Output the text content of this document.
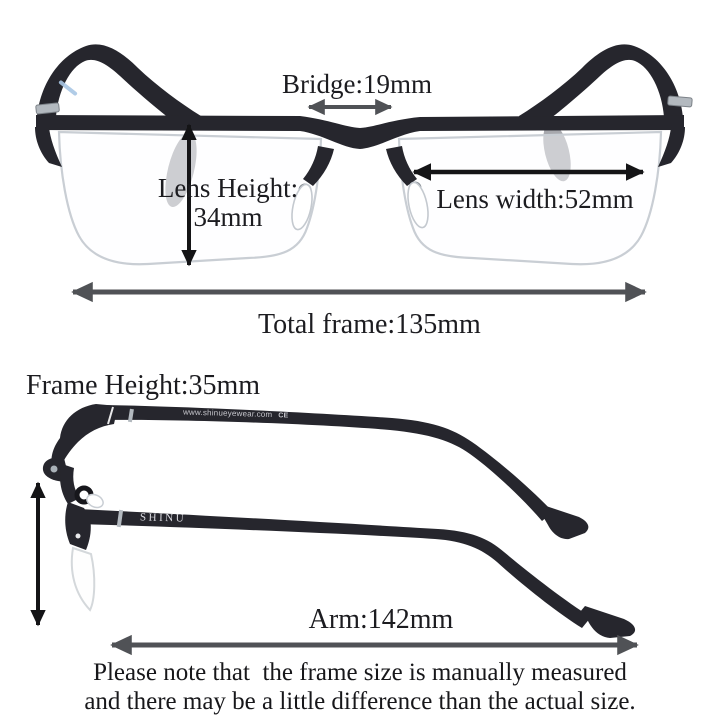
Bridge:19mm
Lens Height:
34mm
Lens width:52mm
Total frame:135mm
Frame Height:35mm
www.shinueyewear.com CE
SHINU
Arm:142mm
Please note that  the frame size is manually measured
and there may be a little difference than the actual size.
